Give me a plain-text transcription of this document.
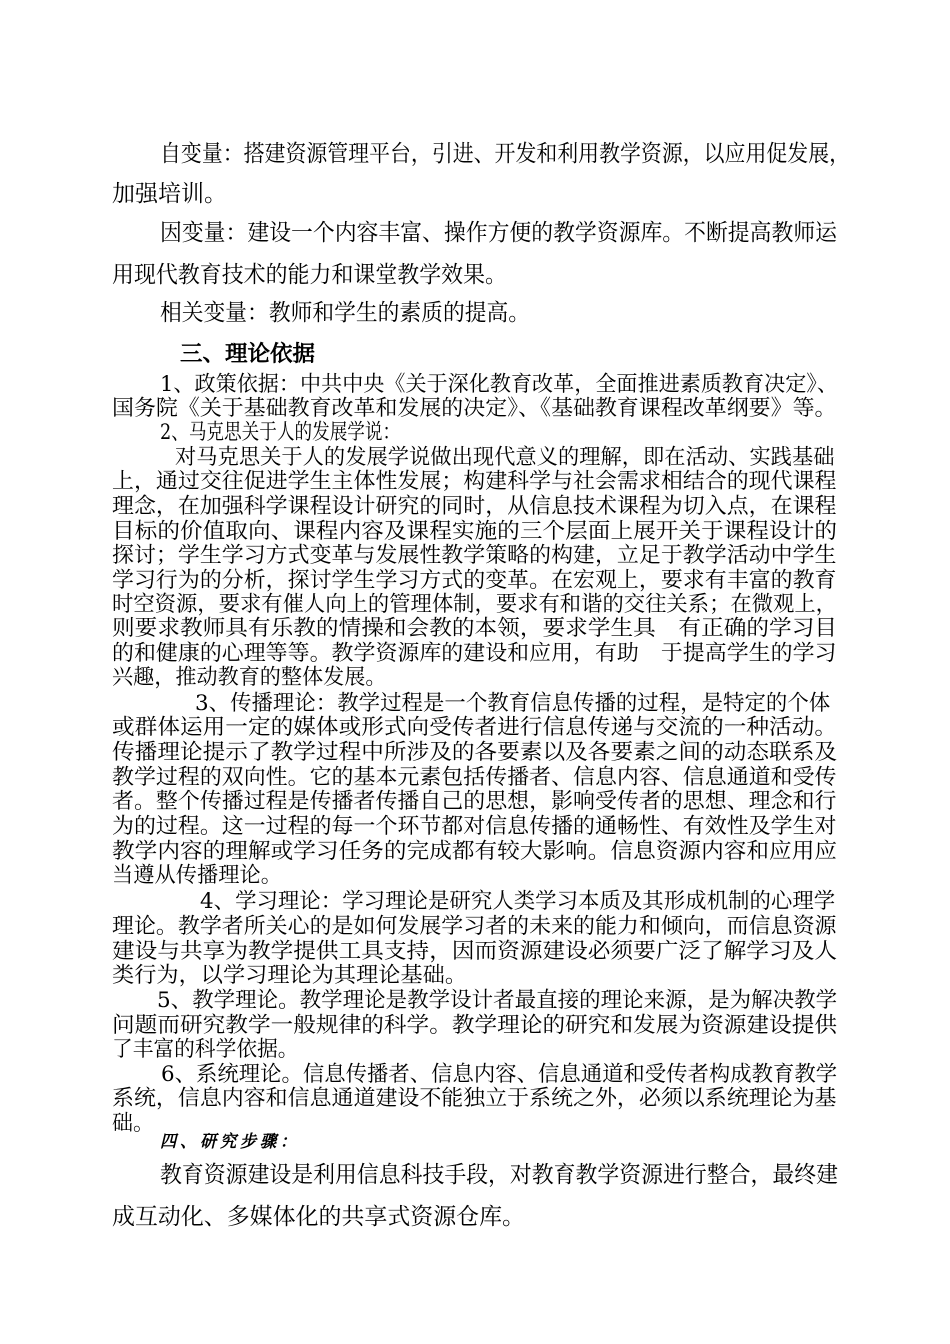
自变量：搭建资源管理平台，引进、开发和利用教学资源，以应用促发展，
加强培训。
因变量：建设一个内容丰富、操作方便的教学资源库。不断提高教师运
用现代教育技术的能力和课堂教学效果。
相关变量：教师和学生的素质的提高。
三、理论依据
1、政策依据：中共中央《关于深化教育改革，全面推进素质教育决定》、
国务院《关于基础教育改革和发展的决定》、《基础教育课程改革纲要》等。
2、马克思关于人的发展学说：
对马克思关于人的发展学说做出现代意义的理解，即在活动、实践基础
上，通过交往促进学生主体性发展；构建科学与社会需求相结合的现代课程
理念，在加强科学课程设计研究的同时，从信息技术课程为切入点，在课程
目标的价值取向、课程内容及课程实施的三个层面上展开关于课程设计的
探讨；学生学习方式变革与发展性教学策略的构建，立足于教学活动中学生
学习行为的分析，探讨学生学习方式的变革。在宏观上，要求有丰富的教育
时空资源，要求有催人向上的管理体制，要求有和谐的交往关系；在微观上，
则要求教师具有乐教的情操和会教的本领，要求学生具　有正确的学习目
的和健康的心理等等。教学资源库的建设和应用，有助　于提高学生的学习
兴趣，推动教育的整体发展。
3、传播理论：教学过程是一个教育信息传播的过程，是特定的个体
或群体运用一定的媒体或形式向受传者进行信息传递与交流的一种活动。
传播理论提示了教学过程中所涉及的各要素以及各要素之间的动态联系及
教学过程的双向性。它的基本元素包括传播者、信息内容、信息通道和受传
者。整个传播过程是传播者传播自己的思想，影响受传者的思想、理念和行
为的过程。这一过程的每一个环节都对信息传播的通畅性、有效性及学生对
教学内容的理解或学习任务的完成都有较大影响。信息资源内容和应用应
当遵从传播理论。
4、学习理论：学习理论是研究人类学习本质及其形成机制的心理学
理论。教学者所关心的是如何发展学习者的未来的能力和倾向，而信息资源
建设与共享为教学提供工具支持，因而资源建设必须要广泛了解学习及人
类行为，以学习理论为其理论基础。
5、教学理论。教学理论是教学设计者最直接的理论来源，是为解决教学
问题而研究教学一般规律的科学。教学理论的研究和发展为资源建设提供
了丰富的科学依据。
6、系统理论。信息传播者、信息内容、信息通道和受传者构成教育教学
系统，信息内容和信息通道建设不能独立于系统之外，必须以系统理论为基
础。
四、研究步骤：
教育资源建设是利用信息科技手段，对教育教学资源进行整合，最终建
成互动化、多媒体化的共享式资源仓库。
